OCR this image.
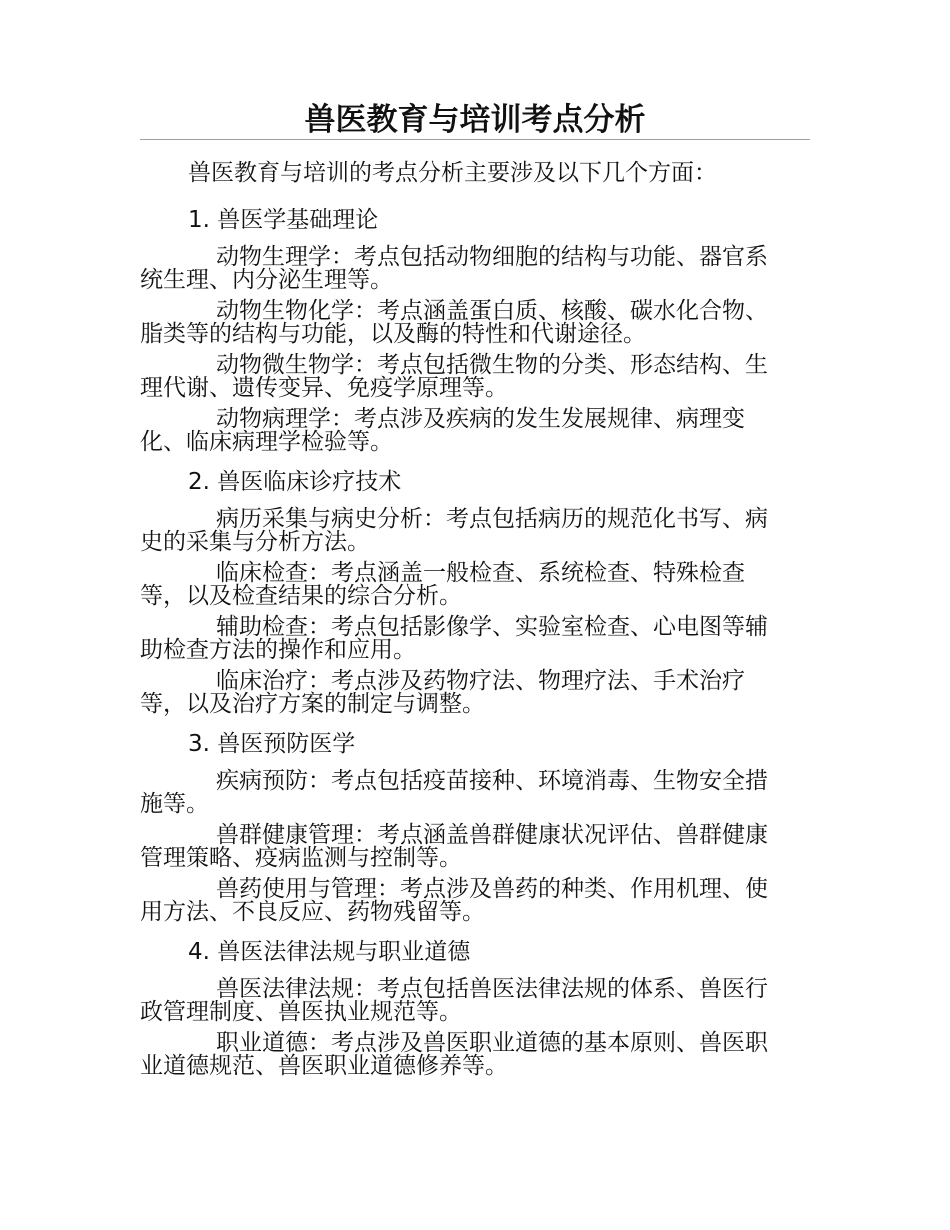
兽医教育与培训考点分析

兽医教育与培训的考点分析主要涉及以下几个方面：

1. 兽医学基础理论

动物生理学：考点包括动物细胞的结构与功能、器官系统生理、内分泌生理等。

动物生物化学：考点涵盖蛋白质、核酸、碳水化合物、脂类等的结构与功能，以及酶的特性和代谢途径。

动物微生物学：考点包括微生物的分类、形态结构、生理代谢、遗传变异、免疫学原理等。

动物病理学：考点涉及疾病的发生发展规律、病理变化、临床病理学检验等。

2. 兽医临床诊疗技术

病历采集与病史分析：考点包括病历的规范化书写、病史的采集与分析方法。

临床检查：考点涵盖一般检查、系统检查、特殊检查等，以及检查结果的综合分析。

辅助检查：考点包括影像学、实验室检查、心电图等辅助检查方法的操作和应用。

临床治疗：考点涉及药物疗法、物理疗法、手术治疗等，以及治疗方案的制定与调整。

3. 兽医预防医学

疾病预防：考点包括疫苗接种、环境消毒、生物安全措施等。

兽群健康管理：考点涵盖兽群健康状况评估、兽群健康管理策略、疫病监测与控制等。

兽药使用与管理：考点涉及兽药的种类、作用机理、使用方法、不良反应、药物残留等。

4. 兽医法律法规与职业道德

兽医法律法规：考点包括兽医法律法规的体系、兽医行政管理制度、兽医执业规范等。

职业道德：考点涉及兽医职业道德的基本原则、兽医职业道德规范、兽医职业道德修养等。
